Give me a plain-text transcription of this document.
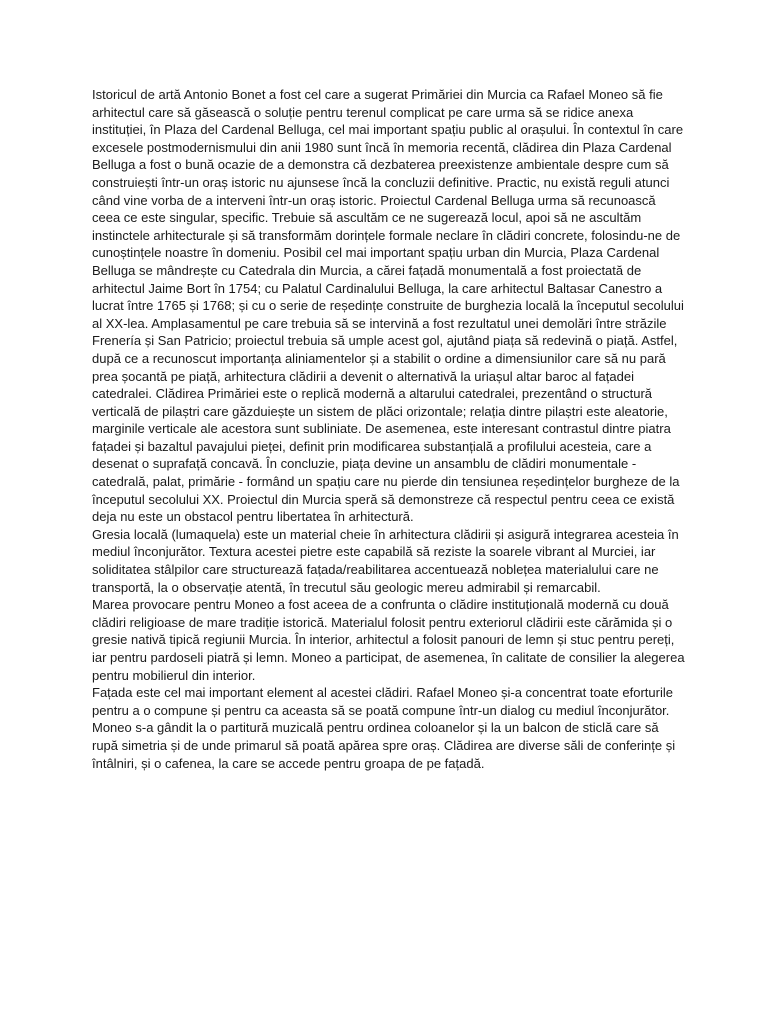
Istoricul de artă Antonio Bonet a fost cel care a sugerat Primăriei din Murcia ca Rafael Moneo să fie arhitectul care să găsească o soluție pentru terenul complicat pe care urma să se ridice anexa instituției, în Plaza del Cardenal Belluga, cel mai important spațiu public al orașului. În contextul în care excesele postmodernismului din anii 1980 sunt încă în memoria recentă, clădirea din Plaza Cardenal Belluga a fost o bună ocazie de a demonstra că dezbaterea preexistenze ambientale despre cum să construiești într-un oraș istoric nu ajunsese încă la concluzii definitive. Practic, nu există reguli atunci când vine vorba de a interveni într-un oraș istoric. Proiectul Cardenal Belluga urma să recunoască ceea ce este singular, specific. Trebuie să ascultăm ce ne sugerează locul, apoi să ne ascultăm instinctele arhitecturale și să transformăm dorințele formale neclare în clădiri concrete, folosindu-ne de cunoștințele noastre în domeniu. Posibil cel mai important spațiu urban din Murcia, Plaza Cardenal Belluga se mândrește cu Catedrala din Murcia, a cărei fațadă monumentală a fost proiectată de arhitectul Jaime Bort în 1754; cu Palatul Cardinalului Belluga, la care arhitectul Baltasar Canestro a lucrat între 1765 și 1768; și cu o serie de reședințe construite de burghezia locală la începutul secolului al XX-lea. Amplasamentul pe care trebuia să se intervină a fost rezultatul unei demolări între străzile Frenería și San Patricio; proiectul trebuia să umple acest gol, ajutând piața să redevină o piață. Astfel, după ce a recunoscut importanța aliniamentelor și a stabilit o ordine a dimensiunilor care să nu pară prea șocantă pe piață, arhitectura clădirii a devenit o alternativă la uriașul altar baroc al fațadei catedralei. Clădirea Primăriei este o replică modernă a altarului catedralei, prezentând o structură verticală de pilaștri care găzduiește un sistem de plăci orizontale; relația dintre pilaștri este aleatorie, marginile verticale ale acestora sunt subliniate. De asemenea, este interesant contrastul dintre piatra fațadei și bazaltul pavajului pieței, definit prin modificarea substanțială a profilului acesteia, care a desenat o suprafață concavă. În concluzie, piața devine un ansamblu de clădiri monumentale - catedrală, palat, primărie - formând un spațiu care nu pierde din tensiunea reședințelor burgheze de la începutul secolului XX. Proiectul din Murcia speră să demonstreze că respectul pentru ceea ce există deja nu este un obstacol pentru libertatea în arhitectură.

Gresia locală (lumaquela) este un material cheie în arhitectura clădirii și asigură integrarea acesteia în mediul înconjurător. Textura acestei pietre este capabilă să reziste la soarele vibrant al Murciei, iar soliditatea stâlpilor care structurează fațada/reabilitarea accentuează noblețea materialului care ne transportă, la o observație atentă, în trecutul său geologic mereu admirabil și remarcabil.

Marea provocare pentru Moneo a fost aceea de a confrunta o clădire instituțională modernă cu două clădiri religioase de mare tradiție istorică. Materialul folosit pentru exteriorul clădirii este cărămida și o gresie nativă tipică regiunii Murcia. În interior, arhitectul a folosit panouri de lemn și stuc pentru pereți, iar pentru pardoseli piatră și lemn. Moneo a participat, de asemenea, în calitate de consilier la alegerea pentru mobilierul din interior.

Fațada este cel mai important element al acestei clădiri. Rafael Moneo și-a concentrat toate eforturile pentru a o compune și pentru ca aceasta să se poată compune într-un dialog cu mediul înconjurător. Moneo s-a gândit la o partitură muzicală pentru ordinea coloanelor și la un balcon de sticlă care să rupă simetria și de unde primarul să poată apărea spre oraș. Clădirea are diverse săli de conferințe și întâlniri, și o cafenea, la care se accede pentru groapa de pe fațadă.
